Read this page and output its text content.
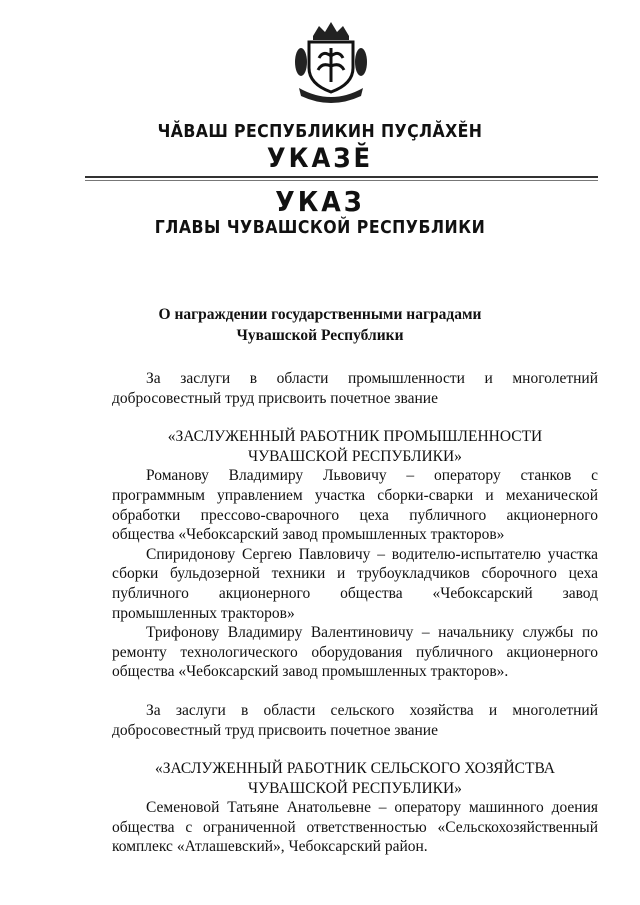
ЧĂВАШ РЕСПУБЛИКИН ПУҪЛĂХĔН
УКАЗĔ
УКАЗ
ГЛАВЫ ЧУВАШСКОЙ РЕСПУБЛИКИ
О награждении государственными наградами
Чувашской Республики

За заслуги в области промышленности и многолетний добросовестный труд присвоить почетное звание

«ЗАСЛУЖЕННЫЙ РАБОТНИК ПРОМЫШЛЕННОСТИ

ЧУВАШСКОЙ РЕСПУБЛИКИ»

Романову Владимиру Львовичу – оператору станков с программным управлением участка сборки-сварки и механической обработки прессово-сварочного цеха публичного акционерного общества «Чебоксарский завод промышленных тракторов»

Спиридонову Сергею Павловичу – водителю-испытателю участка сборки бульдозерной техники и трубоукладчиков сборочного цеха публичного акционерного общества «Чебоксарский завод промышленных тракторов»

Трифонову Владимиру Валентиновичу – начальнику службы по ремонту технологического оборудования публичного акционерного общества «Чебоксарский завод промышленных тракторов».

За заслуги в области сельского хозяйства и многолетний добросовестный труд присвоить почетное звание

«ЗАСЛУЖЕННЫЙ РАБОТНИК СЕЛЬСКОГО ХОЗЯЙСТВА

ЧУВАШСКОЙ РЕСПУБЛИКИ»

Семеновой Татьяне Анатольевне – оператору машинного доения общества с ограниченной ответственностью «Сельскохозяйственный комплекс «Атлашевский», Чебоксарский район.
